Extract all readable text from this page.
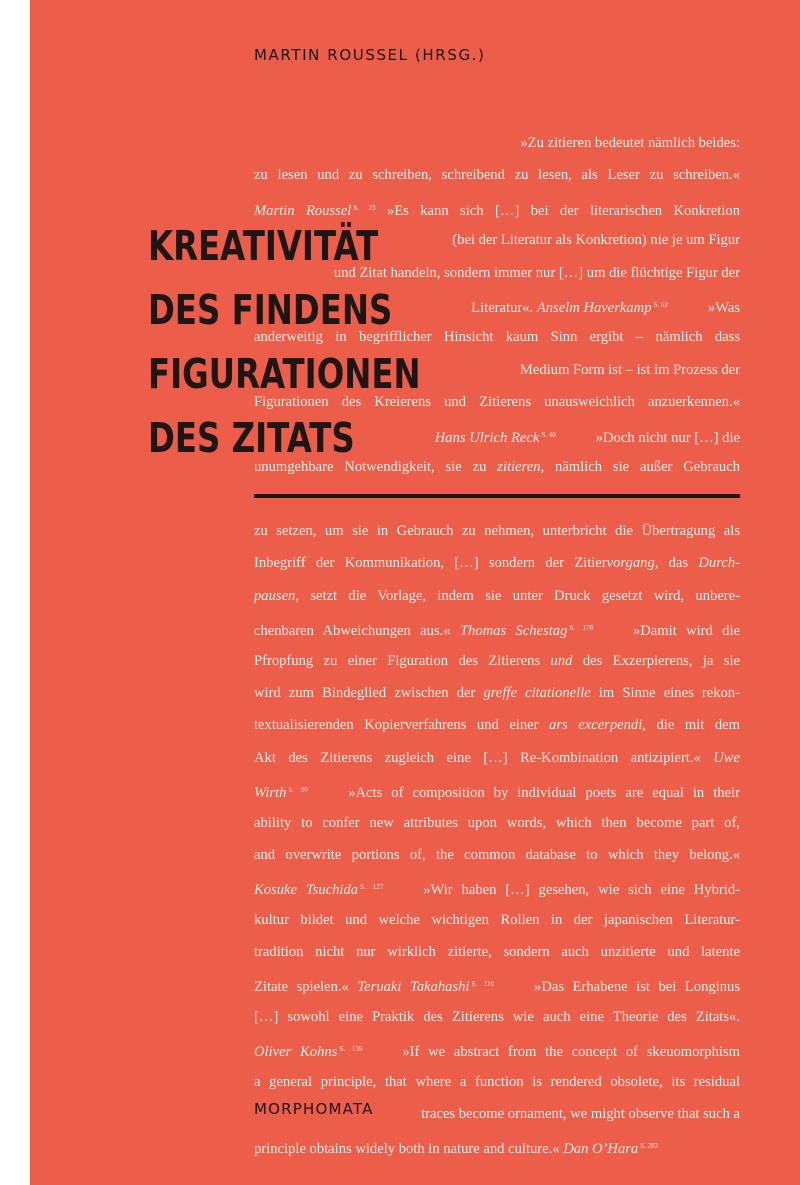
MARTIN ROUSSEL (HRSG.)
»Zu zitieren bedeutet nämlich beides:
zu lesen und zu schreiben, schreibend zu lesen, als Leser zu schreiben.«
Martin Roussel $^{S. 23}$ »Es kann sich […] bei der literarischen Konkretion
(bei der Literatur als Konkretion) nie je um Figur
und Zitat handeln, sondern immer nur […] um die flüchtige Figur der
Literatur«. Anselm Haverkamp $^{S. 62}$	»Was
anderweitig in begrifflicher Hinsicht kaum Sinn ergibt – nämlich dass
Medium Form ist – ist im Prozess der
Figurationen des Kreierens und Zitierens unausweichlich anzuerkennen.«
Hans Ulrich Reck $^{S. 40}$	»Doch nicht nur […] die
unumgehbare Notwendigkeit, sie zu zitieren, nämlich sie außer Gebrauch
KREATIVITÄT
DES FINDENS
FIGURATIONEN
DES ZITATS
zu setzen, um sie in Gebrauch zu nehmen, unterbricht die Übertragung als
Inbegriff der Kommunikation, […] sondern der Zitiervorgang, das Durch-
pausen, setzt die Vorlage, indem sie unter Druck gesetzt wird, unbere-
chenbaren Abweichungen aus.« Thomas Schestag $^{S. 178}$	»Damit wird die
Pfropfung zu einer Figuration des Zitierens und des Exzerpierens, ja sie
wird zum Bindeglied zwischen der greffe citationelle im Sinne eines rekon-
textualisierenden Kopierverfahrens und einer ars excerpendi, die mit dem
Akt des Zitierens zugleich eine […] Re-Kombination antizipiert.« Uwe
Wirth $^{S. 97}$	»Acts of composition by individual poets are equal in their
ability to confer new attributes upon words, which then become part of,
and overwrite portions of, the common database to which they belong.«
Kosuke Tsuchida $^{S. 127}$	»Wir haben […] gesehen, wie sich eine Hybrid-
kultur bildet und welche wichtigen Rollen in der japanischen Literatur-
tradition nicht nur wirklich zitierte, sondern auch unzitierte und latente
Zitate spielen.« Teruaki Takahashi $^{S. 110}$	»Das Erhabene ist bei Longinus
[…] sowohl eine Praktik des Zitierens wie auch eine Theorie des Zitats«.
Oliver Kohns $^{S. 139}$	»If we abstract from the concept of skeuomorphism
a general principle, that where a function is rendered obsolete, its residual
traces become ornament, we might observe that such a
principle obtains widely both in nature and culture.« Dan O’Hara $^{S. 283}$
MORPHOMATA
